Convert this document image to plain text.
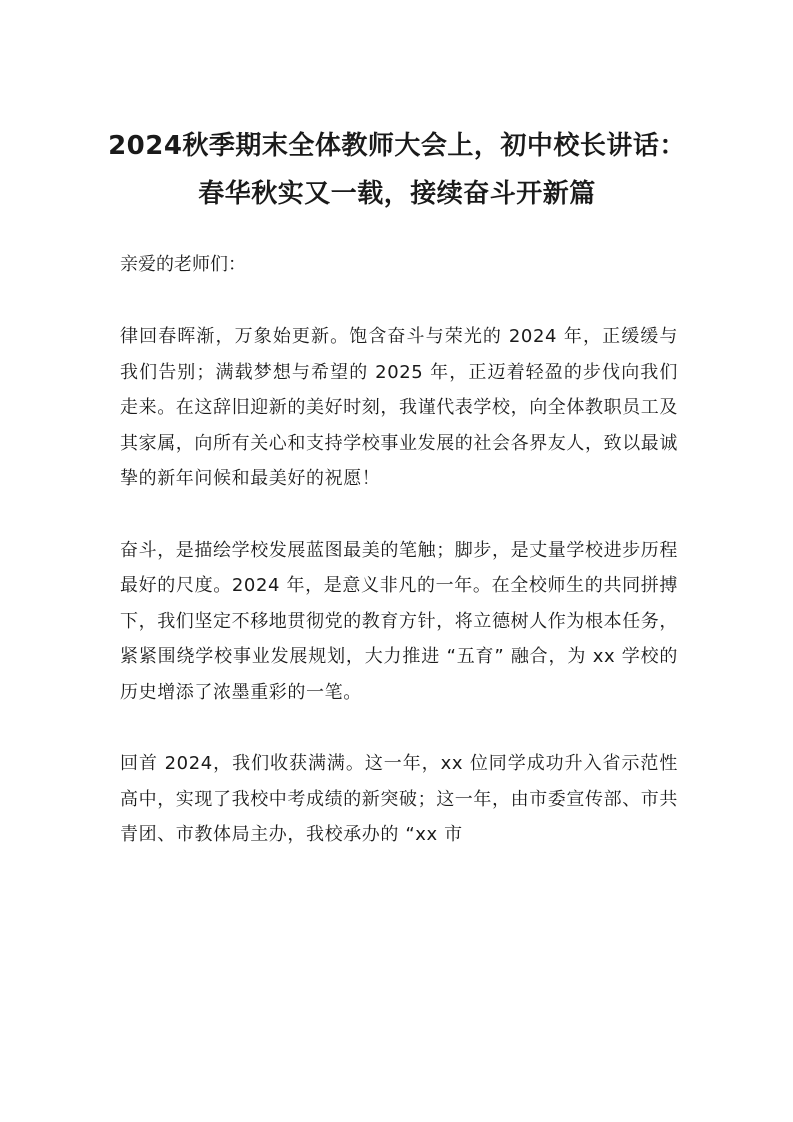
2024秋季期末全体教师大会上，初中校长讲话：春华秋实又一载，接续奋斗开新篇

亲爱的老师们：

律回春晖渐，万象始更新。饱含奋斗与荣光的 2024 年，正缓缓与我们告别；满载梦想与希望的 2025 年，正迈着轻盈的步伐向我们走来。在这辞旧迎新的美好时刻，我谨代表学校，向全体教职员工及其家属，向所有关心和支持学校事业发展的社会各界友人，致以最诚挚的新年问候和最美好的祝愿！

奋斗，是描绘学校发展蓝图最美的笔触；脚步，是丈量学校进步历程最好的尺度。2024 年，是意义非凡的一年。在全校师生的共同拼搏下，我们坚定不移地贯彻党的教育方针，将立德树人作为根本任务，紧紧围绕学校事业发展规划，大力推进 “五育” 融合，为 xx 学校的历史增添了浓墨重彩的一笔。

回首 2024，我们收获满满。这一年，xx 位同学成功升入省示范性高中，实现了我校中考成绩的新突破；这一年，由市委宣传部、市共青团、市教体局主办，我校承办的 “xx 市
